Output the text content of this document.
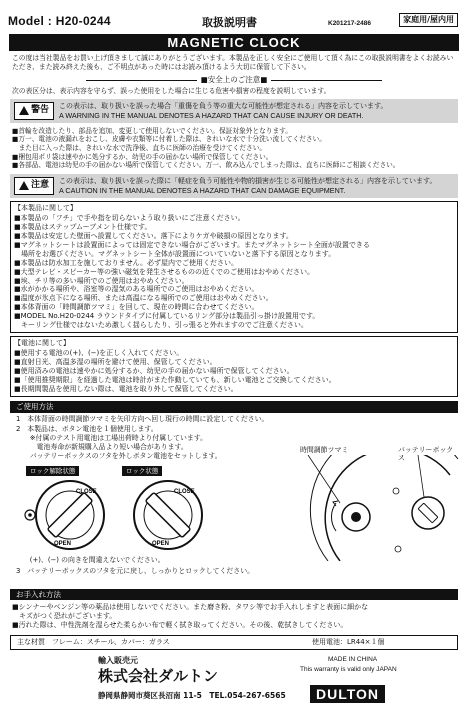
Model : H20-0244	取扱説明書	K201217-2486	家庭用/屋内用
MAGNETIC CLOCK
この度は当社製品をお買い上げ頂きまして誠にありがとうございます。本製品を正しく安全にご使用して頂く為にこの取扱説明書をよくお読みいただき、また読み終えた後も、ご不明点があった時にはお読み頂けるよう大切に保管して下さい。
■安全上のご注意■
次の表区分は、表示内容を守らず、誤った使用をした場合に生じる危害や損害の程度を説明しています。
警告 この表示は、取り扱いを誤った場合「重傷を負う等の重大な可能性が想定される」内容を示しています。
A WARNING IN THE MANUAL DENOTES A HAZARD THAT CAN CAUSE INJURY OR DEATH.
■首輪を改造したり、部品を追加、変更して使用しないでください。保証対象外となります。
■万一、電池の液漏れをおこし、皮膚や衣類等に付着した際は、きれいな水で十分洗い流してください。
　また目に入った際は、きれいな水で洗浄後、直ちに医師の治療を受けてください。
■梱包用ポリ袋は速やかに処分するか、幼児の手の届かない場所で保管してください。
■各部品、電池は幼児の手の届かない場所で保管してください。万一、飲み込んでしまった際は、直ちに医師にご相談ください。
注意 この表示は、取り扱いを誤った際に「軽症を負う可能性や物的損害が生じる可能性が想定される」内容を示しています。
A CAUTION IN THE MANUAL DENOTES A HAZARD THAT CAN DAMAGE EQUIPMENT.
【本製品に関して】
■本製品の「フチ」で手や指を切らないよう取り扱いにご注意ください。
■本製品はステップムーブメント仕様です。
■本製品は安定した壁面へ設置してください。落下によりケガや破損の原因となります。
■マグネットシートは設置面によっては固定できない場合がございます。またマグネットシート全面が設置できる
　場所をお選びください。マグネットシート全体が設置面についていないと落下する原因となります。
■本製品は防水加工を施しておりません。必ず屋内でご使用ください。
■大型テレビ・スピーカー等の強い磁気を発生させるものの近くでのご使用はおやめください。
■埃、チリ等の多い場所でのご使用はおやめください。
■水がかかる場所や、浴室等の湿気のある場所でのご使用はおやめください。
■温度が氷点下になる場所、または高温になる場所でのご使用はおやめください。
■本体背面の「時間調節ツマミ」を回して、現在の時間に合わせてください。
■MODEL No.H20-0244 ラウンドタイプに付属しているリング部分は製品引っ掛け設置用です。
　キーリング仕様ではないため激しく揺らしたり、引っ張ると外れますのでご注意ください。
【電池に関して】
■使用する電池の(+)、(−)を正しく入れてください。
■直射日光、高温多湿の場所を避けて使用、保管してください。
■使用済みの電池は速やかに処分するか、幼児の手の届かない場所で保管してください。
■「使用推奨期限」を経過した電池は時計がまた作動していても、新しい電池とご交換してください。
■長期間製品を使用しない際は、電池を取り外して保管してください。
ご使用方法
1　本体背面の時間調節ツマミを矢印方向へ回し現行の時間に設定してください。
2　本製品は、ボタン電池を１個使用します。
　　※付属のテスト用電池は工場出荷時より付属しています。
　　　電池寿命が新規購入品より短い場合があります。
　　バッテリーボックスのフタを外しボタン電池をセットします。
ロック解除状態	ロック状態
CLOSE
OPEN
CLOSE
OPEN
時間調節ツマミ	バッテリーボックス
　　(+)、(−) の向きを間違えないでください。
3　バッテリーボックスのフタを元に戻し、しっかりとロックしてください。
お手入れ方法
■シンナーやベンジン等の薬品は使用しないでください。また磨き粉、タワシ等でお手入れしますと表面に細かな
　キズがつく恐れがございます。
■汚れた際は、中性洗剤を湿らせた柔らかい布で軽く拭き取ってください。その後、乾拭きしてください。
主な材質　フレーム：スチール、カバー：ガラス	使用電池：LR44×１個
輸入販売元
株式会社ダルトン
静岡県静岡市葵区長沼南 11-5　TEL.054-267-6565
MADE IN CHINA
This warranty is valid only JAPAN
DULTON
